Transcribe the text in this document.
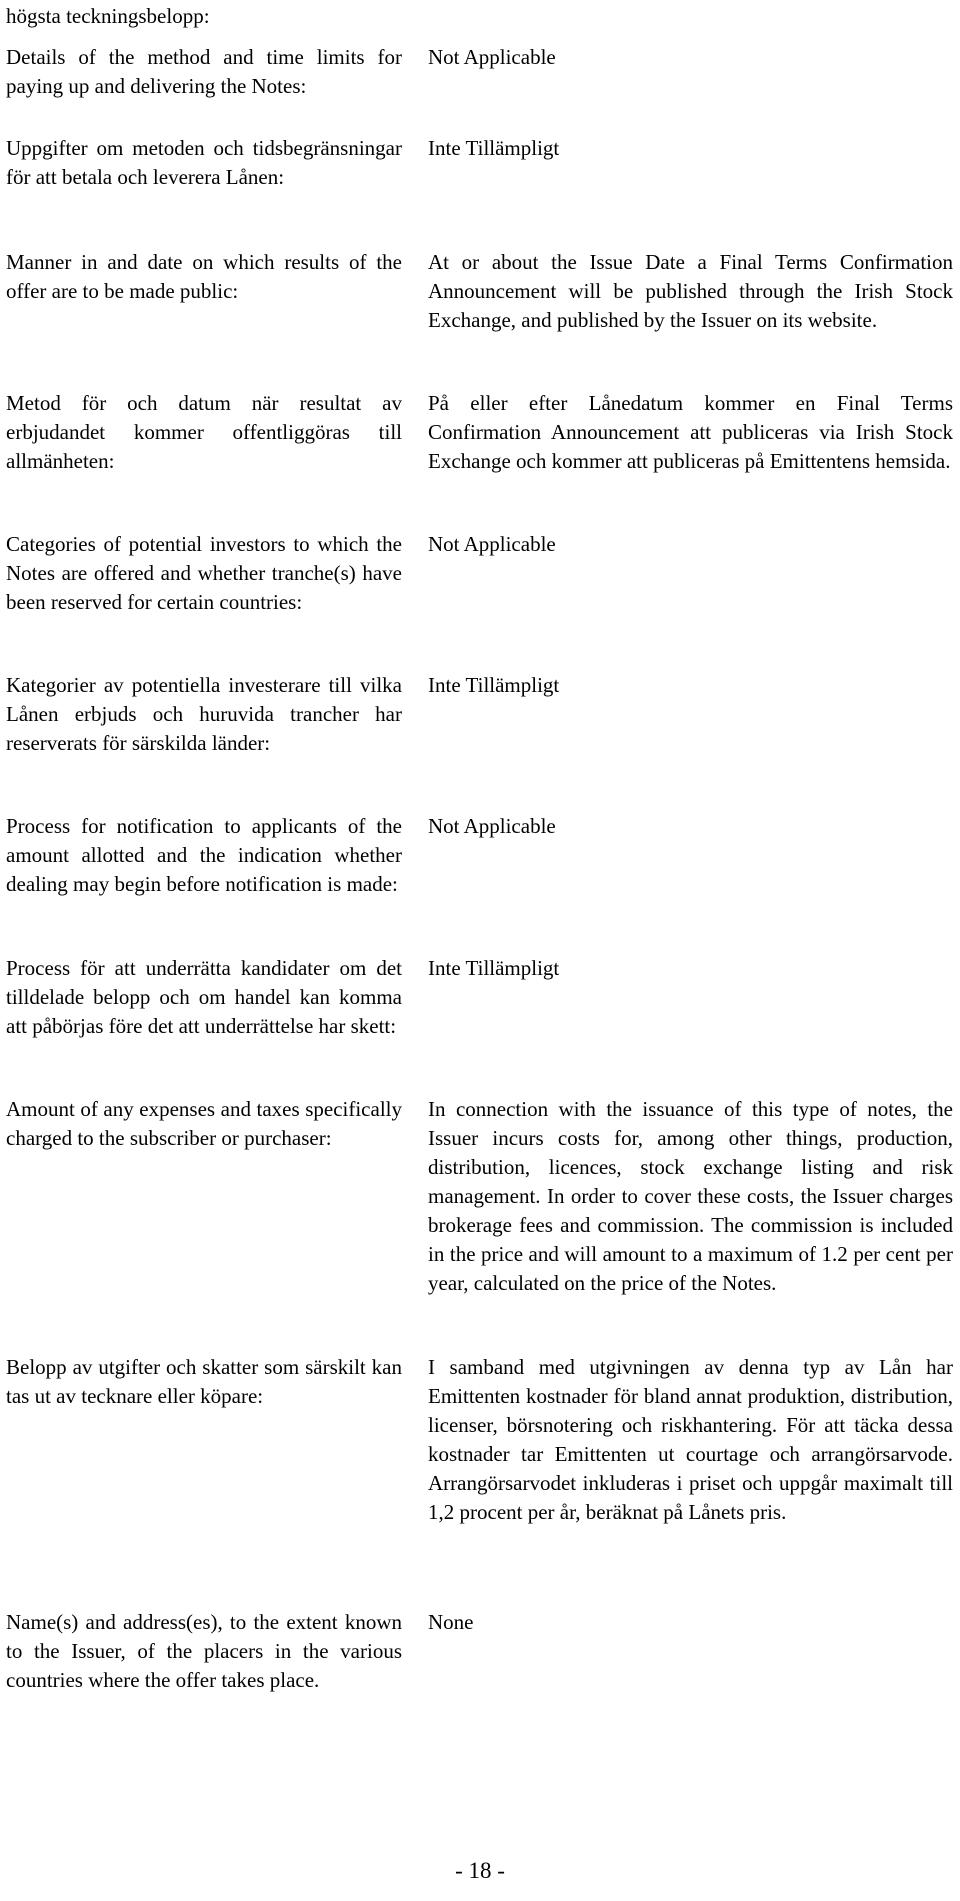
högsta teckningsbelopp:

Details of the method and time limits for paying up and delivering the Notes:

Not Applicable

Uppgifter om metoden och tidsbegränsningar för att betala och leverera Lånen:

Inte Tillämpligt

Manner in and date on which results of the offer are to be made public:

At or about the Issue Date a Final Terms Confirmation Announcement will be published through the Irish Stock Exchange, and published by the Issuer on its website.

Metod för och datum när resultat av erbjudandet kommer offentliggöras till allmänheten:

På eller efter Lånedatum kommer en Final Terms Confirmation Announcement att publiceras via Irish Stock Exchange och kommer att publiceras på Emittentens hemsida.

Categories of potential investors to which the Notes are offered and whether tranche(s) have been reserved for certain countries:

Not Applicable

Kategorier av potentiella investerare till vilka Lånen erbjuds och huruvida trancher har reserverats för särskilda länder:

Inte Tillämpligt

Process for notification to applicants of the amount allotted and the indication whether dealing may begin before notification is made:

Not Applicable

Process för att underrätta kandidater om det tilldelade belopp och om handel kan komma att påbörjas före det att underrättelse har skett:

Inte Tillämpligt

Amount of any expenses and taxes specifically charged to the subscriber or purchaser:

In connection with the issuance of this type of notes, the Issuer incurs costs for, among other things, production, distribution, licences, stock exchange listing and risk management. In order to cover these costs, the Issuer charges brokerage fees and commission. The commission is included in the price and will amount to a maximum of 1.2 per cent per year, calculated on the price of the Notes.

Belopp av utgifter och skatter som särskilt kan tas ut av tecknare eller köpare:

I samband med utgivningen av denna typ av Lån har Emittenten kostnader för bland annat produktion, distribution, licenser, börsnotering och riskhantering. För att täcka dessa kostnader tar Emittenten ut courtage och arrangörsarvode. Arrangörsarvodet inkluderas i priset och uppgår maximalt till 1,2 procent per år, beräknat på Lånets pris.

Name(s) and address(es), to the extent known to the Issuer, of the placers in the various countries where the offer takes place.

None

- 18 -
